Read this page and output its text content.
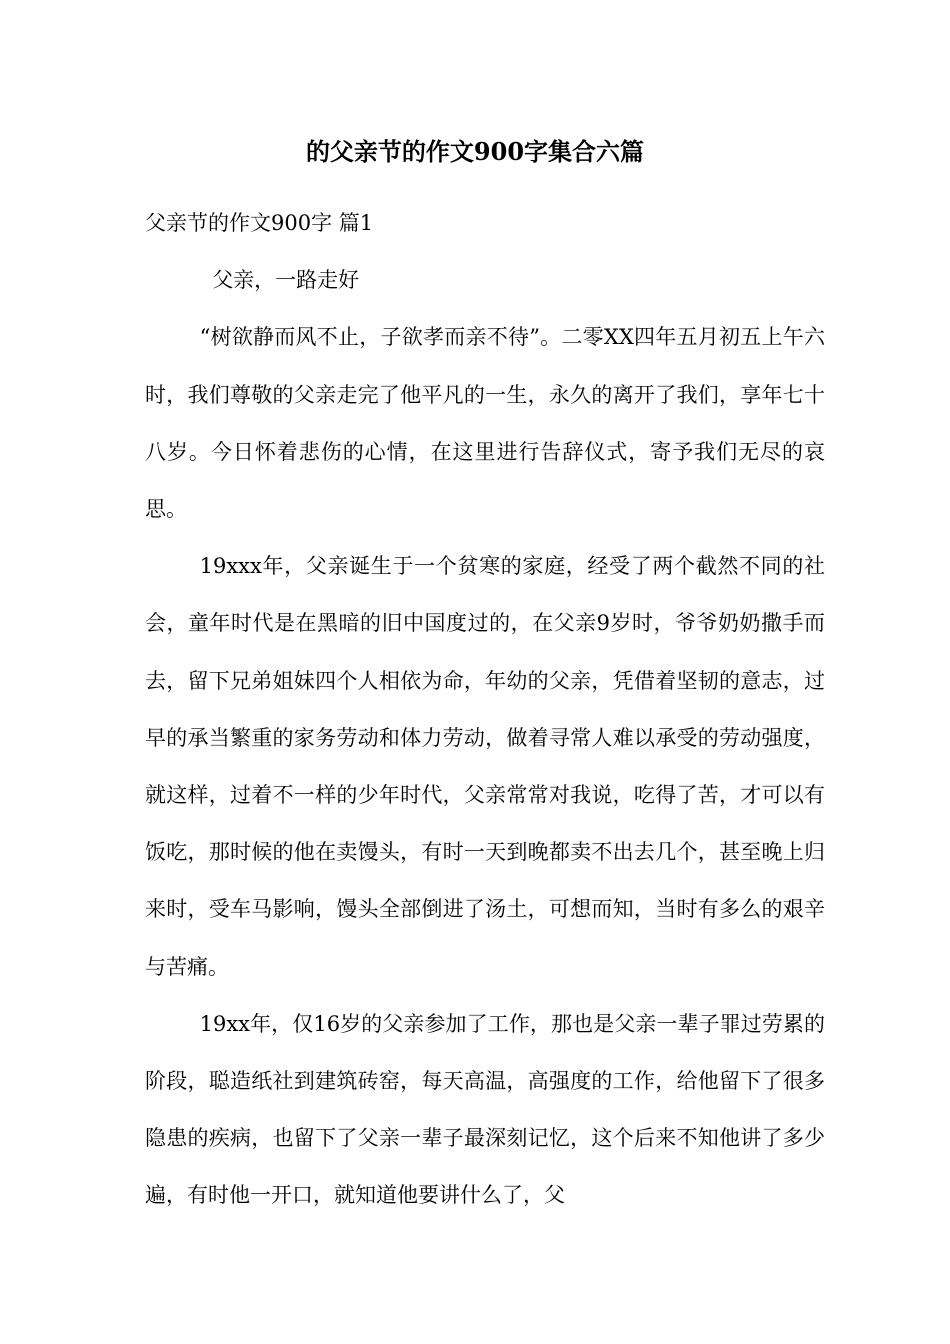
的父亲节的作文900字集合六篇

父亲节的作文900字 篇1

父亲，一路走好

“树欲静而风不止，子欲孝而亲不待”。二零XX四年五月初五上午六时，我们尊敬的父亲走完了他平凡的一生，永久的离开了我们，享年七十八岁。今日怀着悲伤的心情，在这里进行告辞仪式，寄予我们无尽的哀思。

19xxx年，父亲诞生于一个贫寒的家庭，经受了两个截然不同的社会，童年时代是在黑暗的旧中国度过的，在父亲9岁时，爷爷奶奶撒手而去，留下兄弟姐妹四个人相依为命，年幼的父亲，凭借着坚韧的意志，过早的承当繁重的家务劳动和体力劳动，做着寻常人难以承受的劳动强度，就这样，过着不一样的少年时代，父亲常常对我说，吃得了苦，才可以有饭吃，那时候的他在卖馒头，有时一天到晚都卖不出去几个，甚至晚上归来时，受车马影响，馒头全部倒进了汤土，可想而知，当时有多么的艰辛与苦痛。

19xx年，仅16岁的父亲参加了工作，那也是父亲一辈子罪过劳累的阶段，聪造纸社到建筑砖窑，每天高温，高强度的工作，给他留下了很多隐患的疾病，也留下了父亲一辈子最深刻记忆，这个后来不知他讲了多少遍，有时他一开口，就知道他要讲什么了，父
